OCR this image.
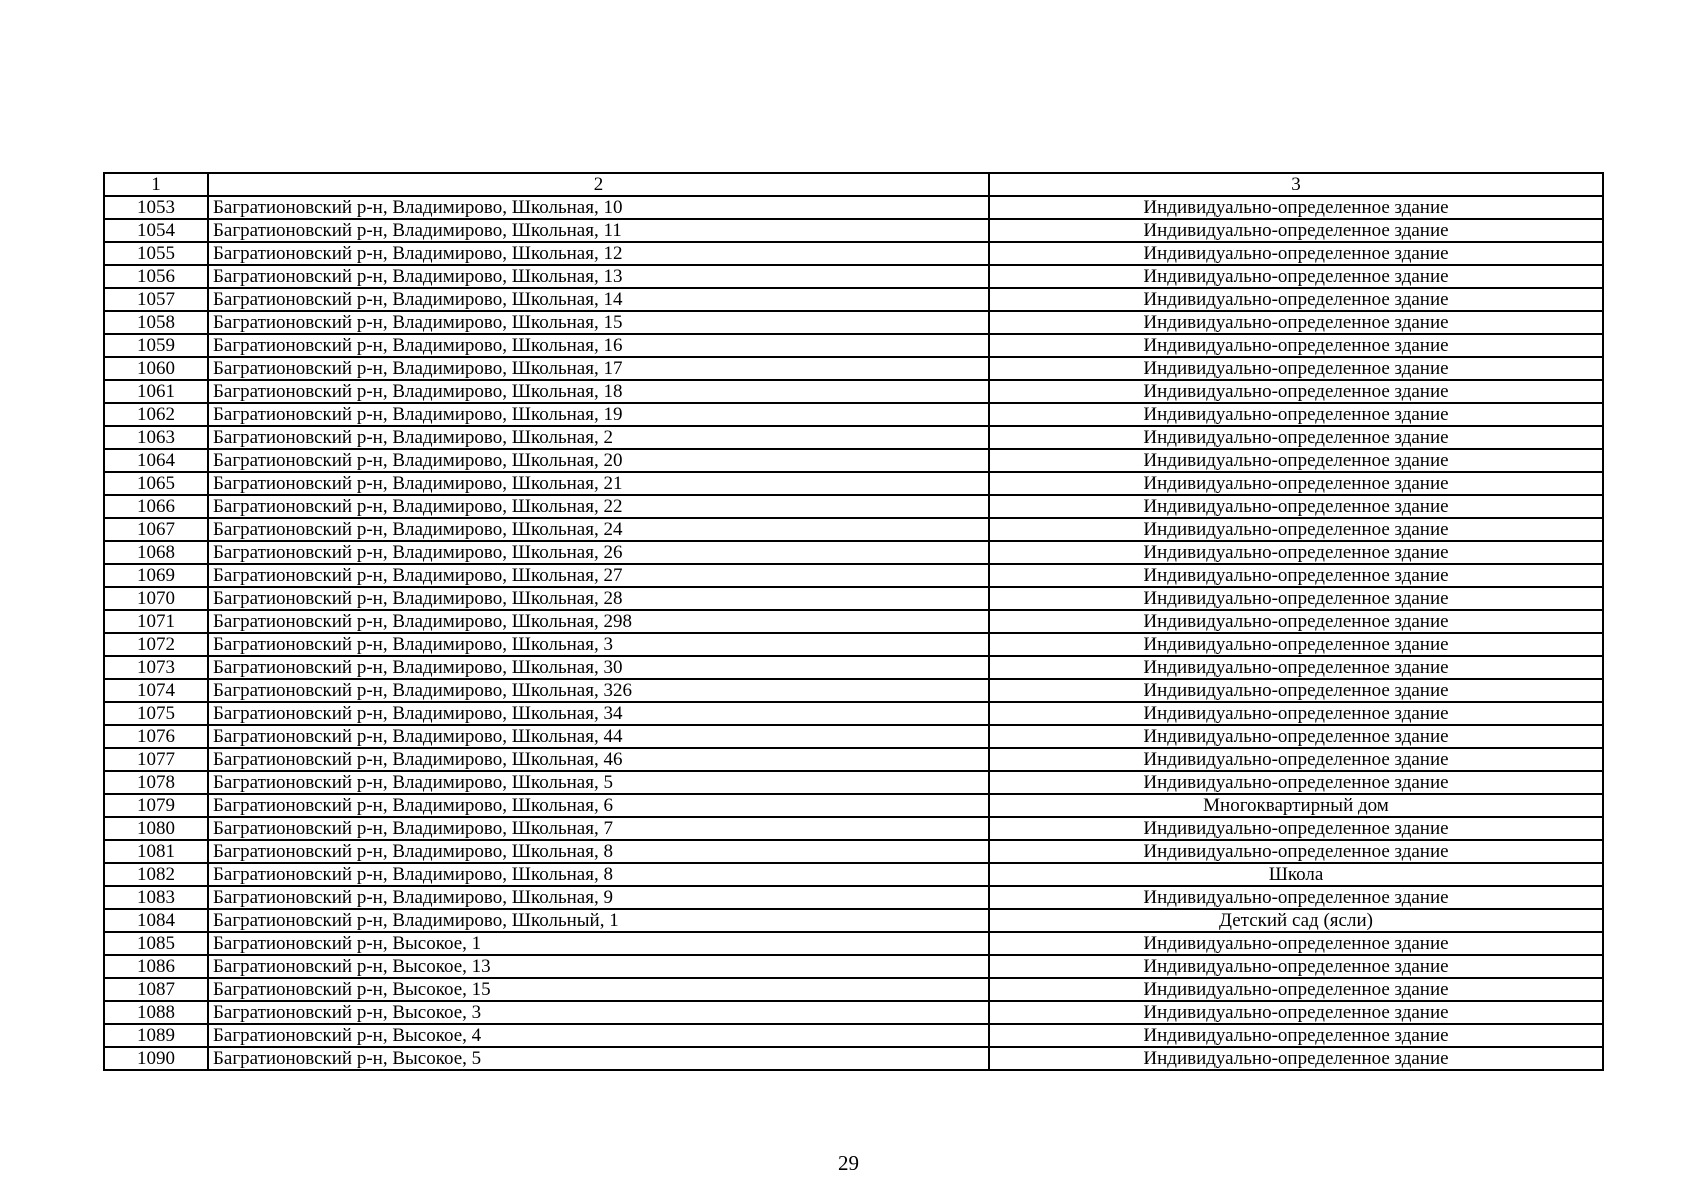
1	2	3
1053	Багратионовский р-н, Владимирово, Школьная, 10	Индивидуально-определенное здание
1054	Багратионовский р-н, Владимирово, Школьная, 11	Индивидуально-определенное здание
1055	Багратионовский р-н, Владимирово, Школьная, 12	Индивидуально-определенное здание
1056	Багратионовский р-н, Владимирово, Школьная, 13	Индивидуально-определенное здание
1057	Багратионовский р-н, Владимирово, Школьная, 14	Индивидуально-определенное здание
1058	Багратионовский р-н, Владимирово, Школьная, 15	Индивидуально-определенное здание
1059	Багратионовский р-н, Владимирово, Школьная, 16	Индивидуально-определенное здание
1060	Багратионовский р-н, Владимирово, Школьная, 17	Индивидуально-определенное здание
1061	Багратионовский р-н, Владимирово, Школьная, 18	Индивидуально-определенное здание
1062	Багратионовский р-н, Владимирово, Школьная, 19	Индивидуально-определенное здание
1063	Багратионовский р-н, Владимирово, Школьная, 2	Индивидуально-определенное здание
1064	Багратионовский р-н, Владимирово, Школьная, 20	Индивидуально-определенное здание
1065	Багратионовский р-н, Владимирово, Школьная, 21	Индивидуально-определенное здание
1066	Багратионовский р-н, Владимирово, Школьная, 22	Индивидуально-определенное здание
1067	Багратионовский р-н, Владимирово, Школьная, 24	Индивидуально-определенное здание
1068	Багратионовский р-н, Владимирово, Школьная, 26	Индивидуально-определенное здание
1069	Багратионовский р-н, Владимирово, Школьная, 27	Индивидуально-определенное здание
1070	Багратионовский р-н, Владимирово, Школьная, 28	Индивидуально-определенное здание
1071	Багратионовский р-н, Владимирово, Школьная, 298	Индивидуально-определенное здание
1072	Багратионовский р-н, Владимирово, Школьная, 3	Индивидуально-определенное здание
1073	Багратионовский р-н, Владимирово, Школьная, 30	Индивидуально-определенное здание
1074	Багратионовский р-н, Владимирово, Школьная, 326	Индивидуально-определенное здание
1075	Багратионовский р-н, Владимирово, Школьная, 34	Индивидуально-определенное здание
1076	Багратионовский р-н, Владимирово, Школьная, 44	Индивидуально-определенное здание
1077	Багратионовский р-н, Владимирово, Школьная, 46	Индивидуально-определенное здание
1078	Багратионовский р-н, Владимирово, Школьная, 5	Индивидуально-определенное здание
1079	Багратионовский р-н, Владимирово, Школьная, 6	Многоквартирный дом
1080	Багратионовский р-н, Владимирово, Школьная, 7	Индивидуально-определенное здание
1081	Багратионовский р-н, Владимирово, Школьная, 8	Индивидуально-определенное здание
1082	Багратионовский р-н, Владимирово, Школьная, 8	Школа
1083	Багратионовский р-н, Владимирово, Школьная, 9	Индивидуально-определенное здание
1084	Багратионовский р-н, Владимирово, Школьный, 1	Детский сад (ясли)
1085	Багратионовский р-н, Высокое, 1	Индивидуально-определенное здание
1086	Багратионовский р-н, Высокое, 13	Индивидуально-определенное здание
1087	Багратионовский р-н, Высокое, 15	Индивидуально-определенное здание
1088	Багратионовский р-н, Высокое, 3	Индивидуально-определенное здание
1089	Багратионовский р-н, Высокое, 4	Индивидуально-определенное здание
1090	Багратионовский р-н, Высокое, 5	Индивидуально-определенное здание
29
